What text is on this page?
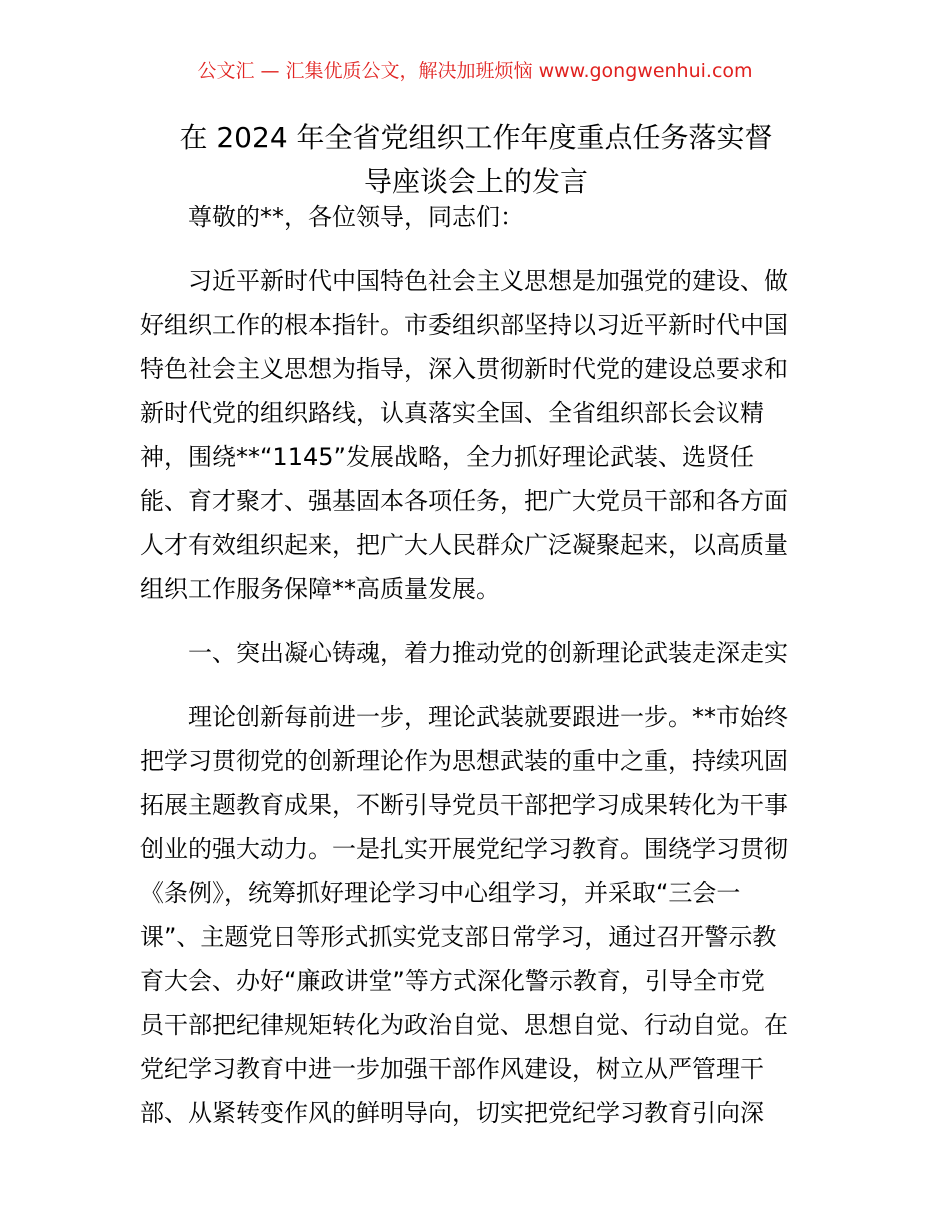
公文汇 — 汇集优质公文，解决加班烦恼 www.gongwenhui.com
在 2024 年全省党组织工作年度重点任务落实督
导座谈会上的发言

尊敬的**，各位领导，同志们：

习近平新时代中国特色社会主义思想是加强党的建设、做
好组织工作的根本指针。市委组织部坚持以习近平新时代中国
特色社会主义思想为指导，深入贯彻新时代党的建设总要求和
新时代党的组织路线，认真落实全国、全省组织部长会议精
神，围绕**“1145”发展战略，全力抓好理论武装、选贤任
能、育才聚才、强基固本各项任务，把广大党员干部和各方面
人才有效组织起来，把广大人民群众广泛凝聚起来，以高质量
组织工作服务保障**高质量发展。

一、突出凝心铸魂，着力推动党的创新理论武装走深走实

理论创新每前进一步，理论武装就要跟进一步。**市始终
把学习贯彻党的创新理论作为思想武装的重中之重，持续巩固
拓展主题教育成果，不断引导党员干部把学习成果转化为干事
创业的强大动力。一是扎实开展党纪学习教育。围绕学习贯彻
《条例》，统筹抓好理论学习中心组学习，并采取“三会一
课”、主题党日等形式抓实党支部日常学习，通过召开警示教
育大会、办好“廉政讲堂”等方式深化警示教育，引导全市党
员干部把纪律规矩转化为政治自觉、思想自觉、行动自觉。在
党纪学习教育中进一步加强干部作风建设，树立从严管理干
部、从紧转变作风的鲜明导向，切实把党纪学习教育引向深
